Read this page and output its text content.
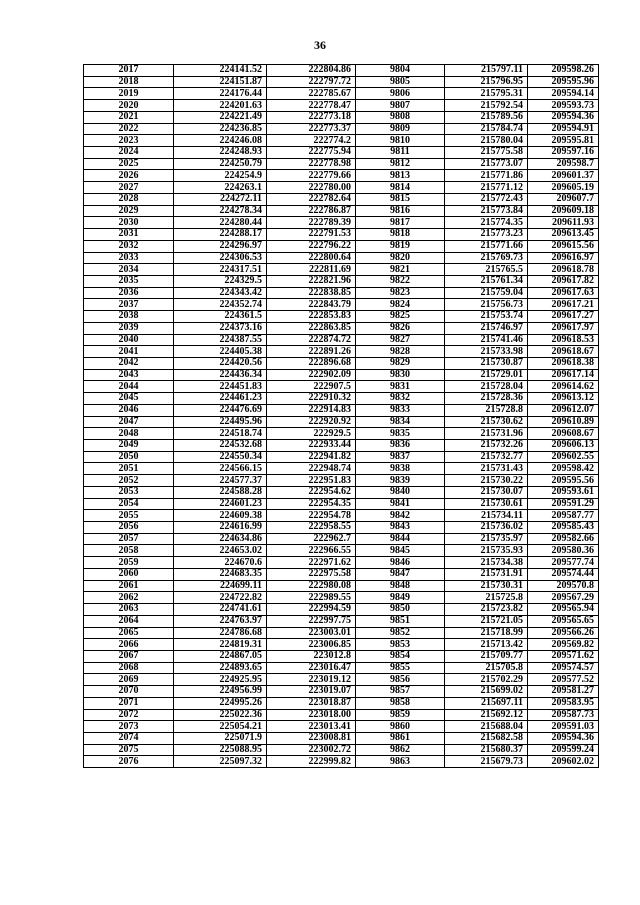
36
2017	224141.52	222804.86	9804	215797.11	209598.26
2018	224151.87	222797.72	9805	215796.95	209595.96
2019	224176.44	222785.67	9806	215795.31	209594.14
2020	224201.63	222778.47	9807	215792.54	209593.73
2021	224221.49	222773.18	9808	215789.56	209594.36
2022	224236.85	222773.37	9809	215784.74	209594.91
2023	224246.08	222774.2	9810	215780.04	209595.81
2024	224248.93	222775.94	9811	215775.58	209597.16
2025	224250.79	222778.98	9812	215773.07	209598.7
2026	224254.9	222779.66	9813	215771.86	209601.37
2027	224263.1	222780.00	9814	215771.12	209605.19
2028	224272.11	222782.64	9815	215772.43	209607.7
2029	224278.34	222786.87	9816	215773.84	209609.18
2030	224280.44	222789.39	9817	215774.35	209611.93
2031	224288.17	222791.53	9818	215773.23	209613.45
2032	224296.97	222796.22	9819	215771.66	209615.56
2033	224306.53	222800.64	9820	215769.73	209616.97
2034	224317.51	222811.69	9821	215765.5	209618.78
2035	224329.5	222821.96	9822	215761.34	209617.82
2036	224343.42	222838.85	9823	215759.04	209617.63
2037	224352.74	222843.79	9824	215756.73	209617.21
2038	224361.5	222853.83	9825	215753.74	209617.27
2039	224373.16	222863.85	9826	215746.97	209617.97
2040	224387.55	222874.72	9827	215741.46	209618.53
2041	224405.38	222891.26	9828	215733.98	209618.67
2042	224420.56	222896.68	9829	215730.87	209618.38
2043	224436.34	222902.09	9830	215729.01	209617.14
2044	224451.83	222907.5	9831	215728.04	209614.62
2045	224461.23	222910.32	9832	215728.36	209613.12
2046	224476.69	222914.83	9833	215728.8	209612.07
2047	224495.96	222920.92	9834	215730.62	209610.89
2048	224518.74	222929.5	9835	215731.96	209608.67
2049	224532.68	222933.44	9836	215732.26	209606.13
2050	224550.34	222941.82	9837	215732.77	209602.55
2051	224566.15	222948.74	9838	215731.43	209598.42
2052	224577.37	222951.83	9839	215730.22	209595.56
2053	224588.28	222954.62	9840	215730.07	209593.61
2054	224601.23	222954.35	9841	215730.61	209591.29
2055	224609.38	222954.78	9842	215734.11	209587.77
2056	224616.99	222958.55	9843	215736.02	209585.43
2057	224634.86	222962.7	9844	215735.97	209582.66
2058	224653.02	222966.55	9845	215735.93	209580.36
2059	224670.6	222971.62	9846	215734.38	209577.74
2060	224683.35	222975.58	9847	215731.91	209574.44
2061	224699.11	222980.08	9848	215730.31	209570.8
2062	224722.82	222989.55	9849	215725.8	209567.29
2063	224741.61	222994.59	9850	215723.82	209565.94
2064	224763.97	222997.75	9851	215721.05	209565.65
2065	224786.68	223003.01	9852	215718.99	209566.26
2066	224819.31	223006.85	9853	215713.42	209569.82
2067	224867.05	223012.8	9854	215709.77	209571.62
2068	224893.65	223016.47	9855	215705.8	209574.57
2069	224925.95	223019.12	9856	215702.29	209577.52
2070	224956.99	223019.07	9857	215699.02	209581.27
2071	224995.26	223018.87	9858	215697.11	209583.95
2072	225022.36	223018.00	9859	215692.12	209587.73
2073	225054.21	223013.41	9860	215688.04	209591.03
2074	225071.9	223008.81	9861	215682.58	209594.36
2075	225088.95	223002.72	9862	215680.37	209599.24
2076	225097.32	222999.82	9863	215679.73	209602.02
